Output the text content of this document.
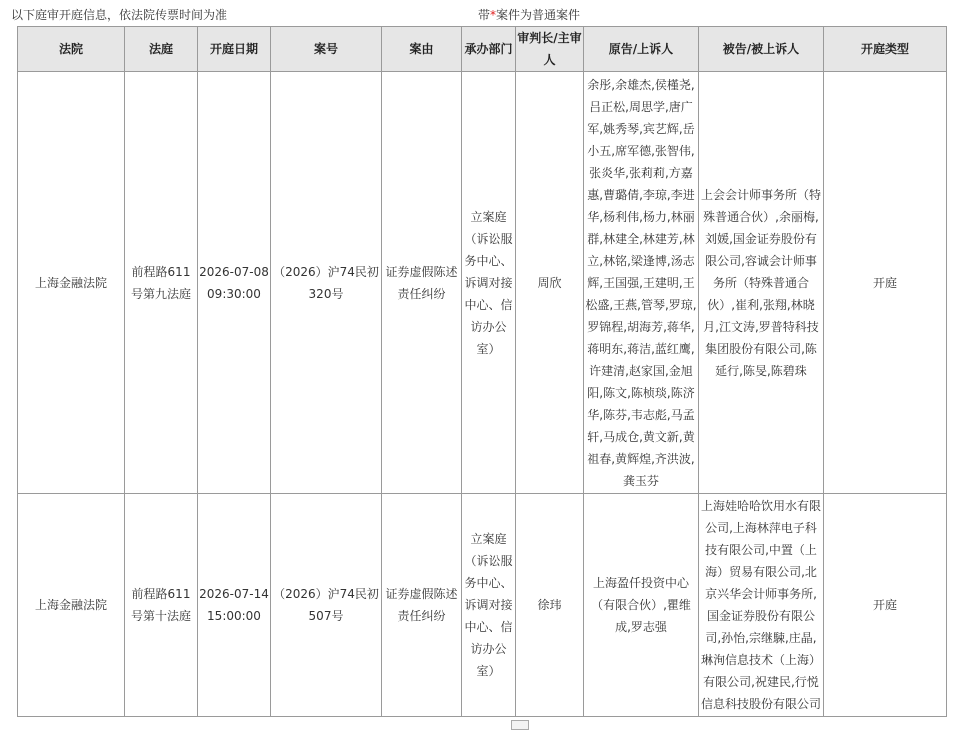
以下庭审开庭信息，依法院传票时间为准	带*案件为普通案件
法院	法庭	开庭日期	案号	案由	承办部门	审判长/主审人	原告/上诉人	被告/被上诉人	开庭类型
上海金融法院	前程路611号第九法庭	2026-07-08 09:30:00	（2026）沪74民初320号	证券虚假陈述责任纠纷	立案庭（诉讼服务中心、诉调对接中心、信访办公室）	周欣	余彤,余雄杰,侯槿尧,吕正松,周思学,唐广军,姚秀琴,宾艺辉,岳小五,席军德,张智伟,张炎华,张莉莉,方嘉惠,曹璐倩,李琼,李进华,杨利伟,杨力,林丽群,林建全,林建芳,林立,林铭,梁逢博,汤志辉,王国强,王建明,王松盛,王燕,管琴,罗琼,罗锦程,胡海芳,蒋华,蒋明东,蒋洁,蓝红鹰,许建清,赵家国,金旭阳,陈文,陈桢琰,陈济华,陈芬,韦志彪,马孟轩,马成仓,黄文新,黄祖春,黄辉煌,齐洪波,龚玉芬	上会会计师事务所（特殊普通合伙）,余丽梅,刘媛,国金证券股份有限公司,容诚会计师事务所（特殊普通合伙）,崔利,张翔,林晓月,江文涛,罗普特科技集团股份有限公司,陈延行,陈旻,陈碧珠	开庭
上海金融法院	前程路611号第十法庭	2026-07-14 15:00:00	（2026）沪74民初507号	证券虚假陈述责任纠纷	立案庭（诉讼服务中心、诉调对接中心、信访办公室）	徐玮	上海盈仟投资中心（有限合伙）,瞿维成,罗志强	上海娃哈哈饮用水有限公司,上海林萍电子科技有限公司,中置（上海）贸易有限公司,北京兴华会计师事务所,国金证券股份有限公司,孙怡,宗继駷,庄晶,琳洵信息技术（上海）有限公司,祝建民,行悦信息科技股份有限公司	开庭
